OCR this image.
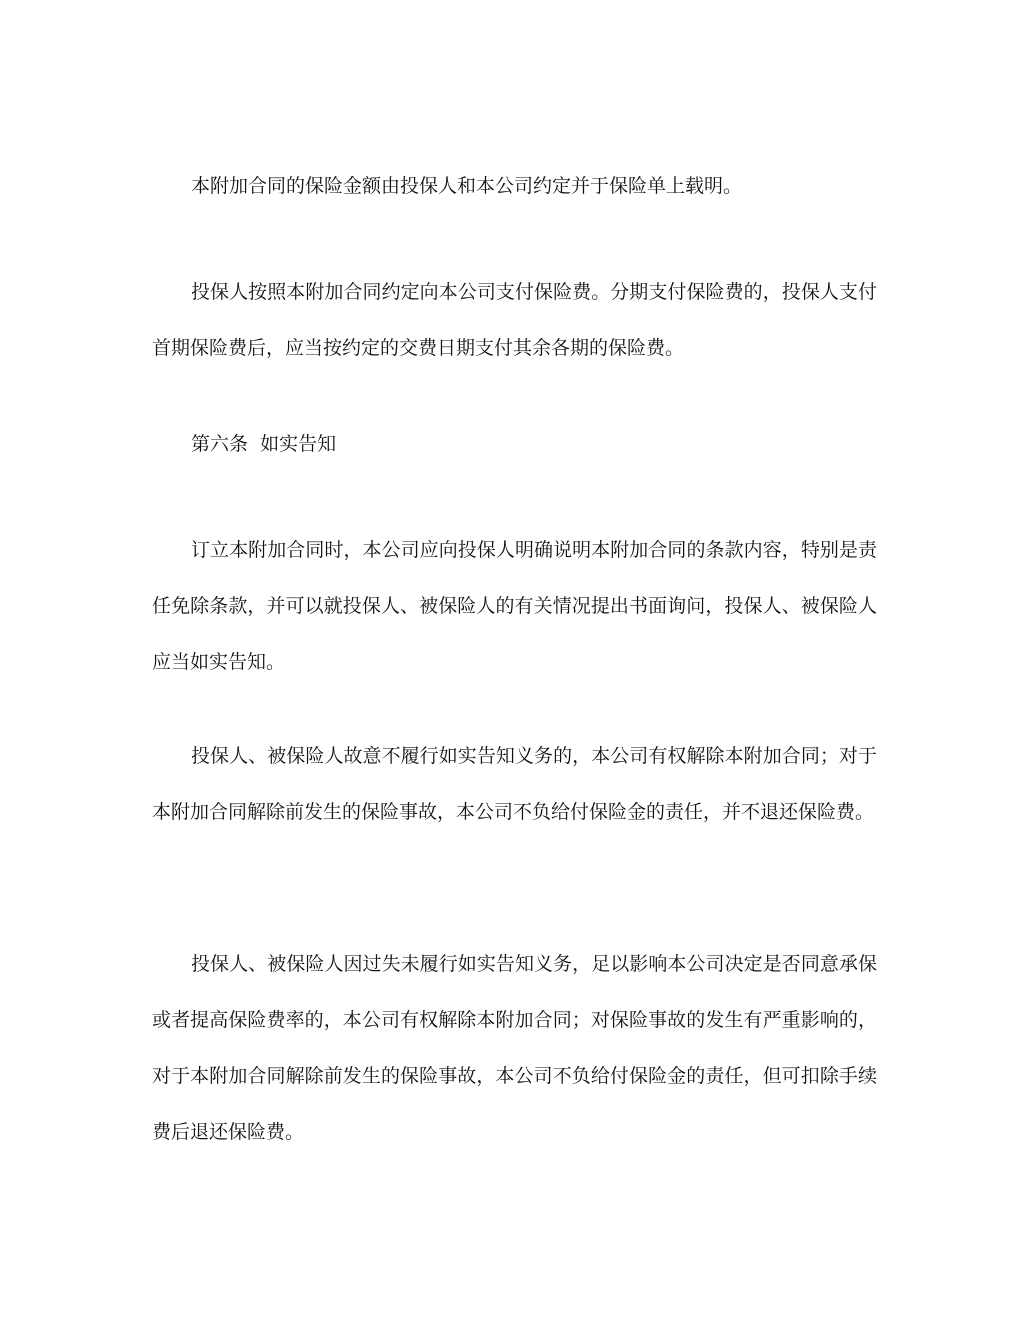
本附加合同的保险金额由投保人和本公司约定并于保险单上载明。

投保人按照本附加合同约定向本公司支付保险费。分期支付保险费的，投保人支付首期保险费后，应当按约定的交费日期支付其余各期的保险费。

第六条  如实告知

订立本附加合同时，本公司应向投保人明确说明本附加合同的条款内容，特别是责任免除条款，并可以就投保人、被保险人的有关情况提出书面询问，投保人、被保险人应当如实告知。

投保人、被保险人故意不履行如实告知义务的，本公司有权解除本附加合同；对于本附加合同解除前发生的保险事故，本公司不负给付保险金的责任，并不退还保险费。

投保人、被保险人因过失未履行如实告知义务，足以影响本公司决定是否同意承保或者提高保险费率的，本公司有权解除本附加合同；对保险事故的发生有严重影响的，对于本附加合同解除前发生的保险事故，本公司不负给付保险金的责任，但可扣除手续费后退还保险费。
